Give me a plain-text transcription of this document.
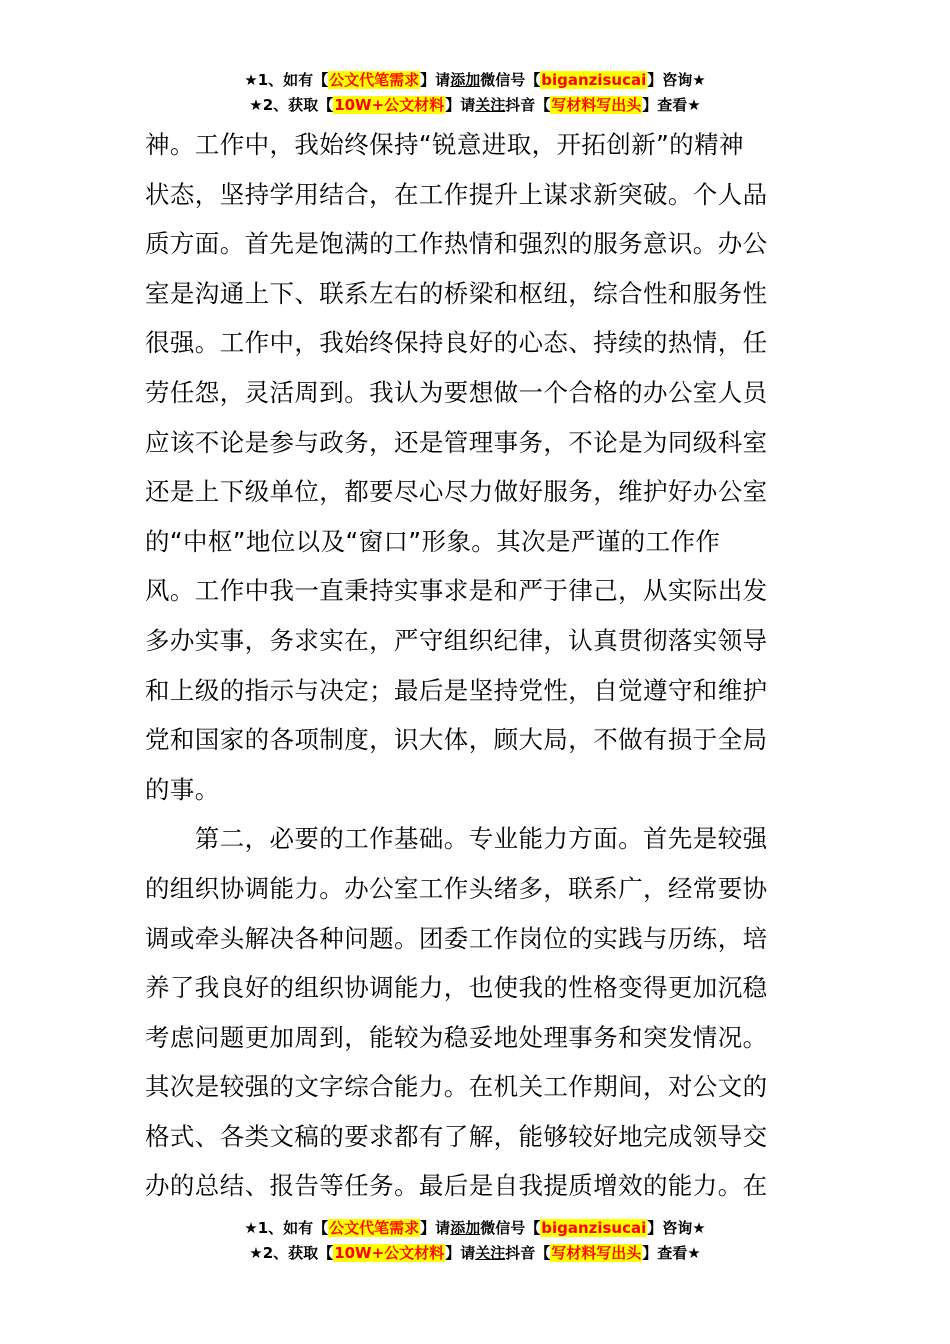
★1、如有【公文代笔需求】请添加微信号【biganzisucai】咨询★
★2、获取【10W+公文材料】请关注抖音【写材料写出头】查看★
神。工作中，我始终保持“锐意进取，开拓创新”的精神
状态，坚持学用结合，在工作提升上谋求新突破。个人品
质方面。首先是饱满的工作热情和强烈的服务意识。办公
室是沟通上下、联系左右的桥梁和枢纽，综合性和服务性
很强。工作中，我始终保持良好的心态、持续的热情，任
劳任怨，灵活周到。我认为要想做一个合格的办公室人员
应该不论是参与政务，还是管理事务，不论是为同级科室
还是上下级单位，都要尽心尽力做好服务，维护好办公室
的“中枢”地位以及“窗口”形象。其次是严谨的工作作
风。工作中我一直秉持实事求是和严于律己，从实际出发
多办实事，务求实在，严守组织纪律，认真贯彻落实领导
和上级的指示与决定；最后是坚持党性，自觉遵守和维护
党和国家的各项制度，识大体，顾大局，不做有损于全局
的事。
　　第二，必要的工作基础。专业能力方面。首先是较强
的组织协调能力。办公室工作头绪多，联系广，经常要协
调或牵头解决各种问题。团委工作岗位的实践与历练，培
养了我良好的组织协调能力，也使我的性格变得更加沉稳
考虑问题更加周到，能较为稳妥地处理事务和突发情况。
其次是较强的文字综合能力。在机关工作期间，对公文的
格式、各类文稿的要求都有了解，能够较好地完成领导交
办的总结、报告等任务。最后是自我提质增效的能力。在
★1、如有【公文代笔需求】请添加微信号【biganzisucai】咨询★
★2、获取【10W+公文材料】请关注抖音【写材料写出头】查看★
